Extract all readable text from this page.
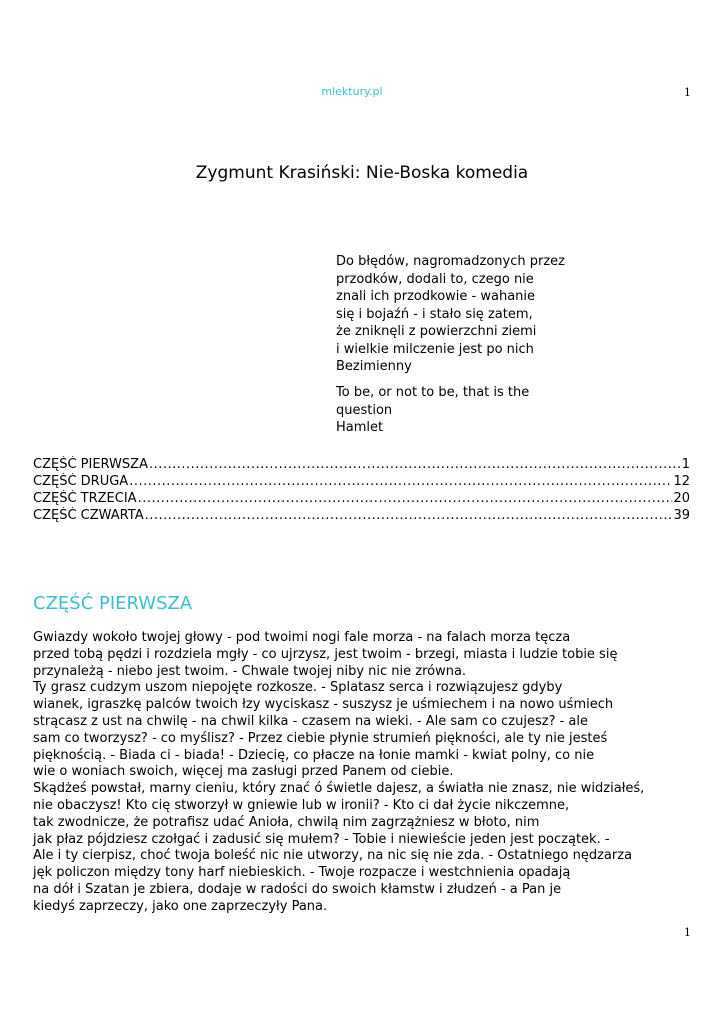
mlektury.pl	1
Zygmunt Krasiński: Nie-Boska komedia
Do błędów, nagromadzonych przez
przodków, dodali to, czego nie
znali ich przodkowie - wahanie
się i bojaźń - i stało się zatem,
że zniknęli z powierzchni ziemi
i wielkie milczenie jest po nich
Bezimienny
To be, or not to be, that is the
question
Hamlet
CZĘŚĆ PIERWSZA .....	1
CZĘŚĆ DRUGA .....	12
CZĘŚĆ TRZECIA .....	20
CZĘŚĆ CZWARTA .....	39
CZĘŚĆ PIERWSZA
Gwiazdy wokoło twojej głowy - pod twoimi nogi fale morza - na falach morza tęcza
przed tobą pędzi i rozdziela mgły - co ujrzysz, jest twoim - brzegi, miasta i ludzie tobie się
przynależą - niebo jest twoim. - Chwale twojej niby nic nie zrówna.
Ty grasz cudzym uszom niepojęte rozkosze. - Splatasz serca i rozwiązujesz gdyby
wianek, igraszkę palców twoich łzy wyciskasz - suszysz je uśmiechem i na nowo uśmiech
strącasz z ust na chwilę - na chwil kilka - czasem na wieki. - Ale sam co czujesz? - ale
sam co tworzysz? - co myślisz? - Przez ciebie płynie strumień piękności, ale ty nie jesteś
pięknością. - Biada ci - biada! - Dziecię, co płacze na łonie mamki - kwiat polny, co nie
wie o woniach swoich, więcej ma zasługi przed Panem od ciebie.
Skądżeś powstał, marny cieniu, który znać ó świetle dajesz, a światła nie znasz, nie widziałeś,
nie obaczysz! Kto cię stworzył w gniewie lub w ironii? - Kto ci dał życie nikczemne,
tak zwodnicze, że potrafisz udać Anioła, chwilą nim zagrzążniesz w błoto, nim
jak płaz pójdziesz czołgać i zadusić się mułem? - Tobie i niewieście jeden jest początek. -
Ale i ty cierpisz, choć twoja boleść nic nie utworzy, na nic się nie zda. - Ostatniego nędzarza
jęk policzon między tony harf niebieskich. - Twoje rozpacze i westchnienia opadają
na dół i Szatan je zbiera, dodaje w radości do swoich kłamstw i złudzeń - a Pan je
kiedyś zaprzeczy, jako one zaprzeczyły Pana.
1
